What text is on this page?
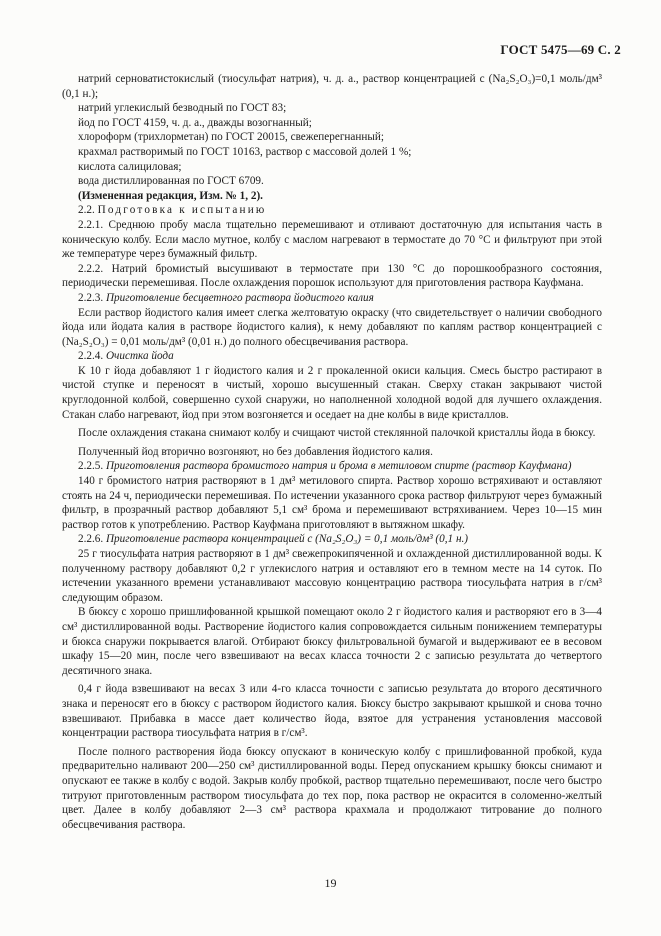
ГОСТ 5475—69 С. 2

натрий серноватистокислый (тиосульфат натрия), ч. д. а., раствор концентрацией c (Na₂S₂O₃)=0,1 моль/дм³ (0,1 н.);

натрий углекислый безводный по ГОСТ 83;

йод по ГОСТ 4159, ч. д. а., дважды возогнанный;

хлороформ (трихлорметан) по ГОСТ 20015, свежеперегнанный;

крахмал растворимый по ГОСТ 10163, раствор с массовой долей 1 %;

кислота салициловая;

вода дистиллированная по ГОСТ 6709.

(Измененная редакция, Изм. № 1, 2).

2.2. Подготовка к испытанию

2.2.1. Среднюю пробу масла тщательно перемешивают и отливают достаточную для испытания часть в коническую колбу. Если масло мутное, колбу с маслом нагревают в термостате до 70 °C и фильтруют при этой же температуре через бумажный фильтр.

2.2.2. Натрий бромистый высушивают в термостате при 130 °C до порошкообразного состояния, периодически перемешивая. После охлаждения порошок используют для приготовления раствора Кауфмана.

2.2.3. Приготовление бесцветного раствора йодистого калия

Если раствор йодистого калия имеет слегка желтоватую окраску (что свидетельствует о наличии свободного йода или йодата калия в растворе йодистого калия), к нему добавляют по каплям раствор концентрацией c (Na₂S₂O₃) = 0,01 моль/дм³ (0,01 н.) до полного обесцвечивания раствора.

2.2.4. Очистка йода

К 10 г йода добавляют 1 г йодистого калия и 2 г прокаленной окиси кальция. Смесь быстро растирают в чистой ступке и переносят в чистый, хорошо высушенный стакан. Сверху стакан закрывают чистой круглодонной колбой, совершенно сухой снаружи, но наполненной холодной водой для лучшего охлаждения. Стакан слабо нагревают, йод при этом возгоняется и оседает на дне колбы в виде кристаллов.

После охлаждения стакана снимают колбу и счищают чистой стеклянной палочкой кристаллы йода в бюксу.

Полученный йод вторично возгоняют, но без добавления йодистого калия.

2.2.5. Приготовления раствора бромистого натрия и брома в метиловом спирте (раствор Кауфмана)

140 г бромистого натрия растворяют в 1 дм³ метилового спирта. Раствор хорошо встряхивают и оставляют стоять на 24 ч, периодически перемешивая. По истечении указанного срока раствор фильтруют через бумажный фильтр, в прозрачный раствор добавляют 5,1 см³ брома и перемешивают встряхиванием. Через 10—15 мин раствор готов к употреблению. Раствор Кауфмана приготовляют в вытяжном шкафу.

2.2.6. Приготовление раствора концентрацией c (Na₂S₂O₃) = 0,1 моль/дм³ (0,1 н.)

25 г тиосульфата натрия растворяют в 1 дм³ свежепрокипяченной и охлажденной дистиллированной воды. К полученному раствору добавляют 0,2 г углекислого натрия и оставляют его в темном месте на 14 суток. По истечении указанного времени устанавливают массовую концентрацию раствора тиосульфата натрия в г/см³ следующим образом.

В бюксу с хорошо пришлифованной крышкой помещают около 2 г йодистого калия и растворяют его в 3—4 см³ дистиллированной воды. Растворение йодистого калия сопровождается сильным понижением температуры и бюкса снаружи покрывается влагой. Отбирают бюксу фильтровальной бумагой и выдерживают ее в весовом шкафу 15—20 мин, после чего взвешивают на весах класса точности 2 с записью результата до четвертого десятичного знака.

0,4 г йода взвешивают на весах 3 или 4-го класса точности с записью результата до второго десятичного знака и переносят его в бюксу с раствором йодистого калия. Бюксу быстро закрывают крышкой и снова точно взвешивают. Прибавка в массе дает количество йода, взятое для устранения установления массовой концентрации раствора тиосульфата натрия в г/см³.

После полного растворения йода бюксу опускают в коническую колбу с пришлифованной пробкой, куда предварительно наливают 200—250 см³ дистиллированной воды. Перед опусканием крышку бюксы снимают и опускают ее также в колбу с водой. Закрыв колбу пробкой, раствор тщательно перемешивают, после чего быстро титруют приготовленным раствором тиосульфата до тех пор, пока раствор не окрасится в соломенно-желтый цвет. Далее в колбу добавляют 2—3 см³ раствора крахмала и продолжают титрование до полного обесцвечивания раствора.

19
